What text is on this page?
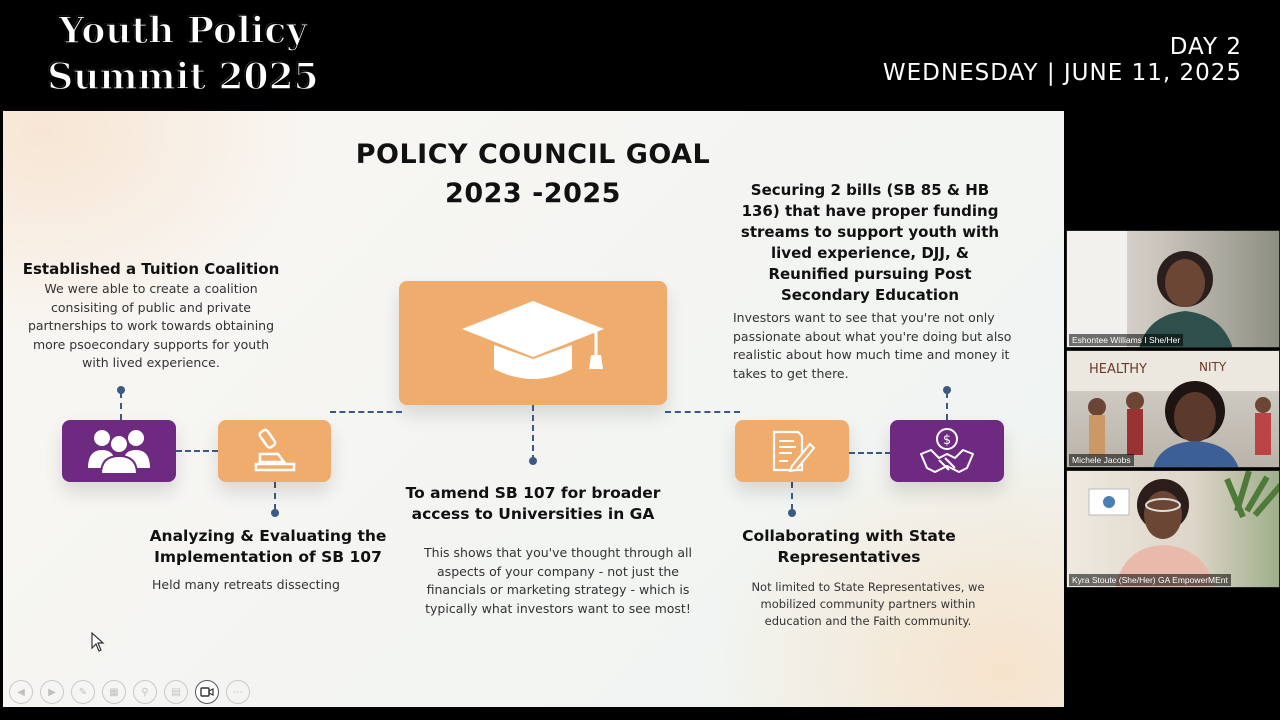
Youth Policy
Summit 2025
DAY 2
WEDNESDAY | JUNE 11, 2025
POLICY COUNCIL GOAL
2023 -2025
$
Established a Tuition Coalition
We were able to create a coalition consisiting of public and private partnerships to work towards obtaining more psoecondary supports for youth with lived experience.
Analyzing & Evaluating the
Implementation of SB 107
Held many retreats dissecting
To amend SB 107 for broader
access to Universities in GA
This shows that you've thought through all aspects of your company - not just the financials or marketing strategy - which is typically what investors want to see most!
Securing 2 bills (SB 85 & HB 136) that have proper funding streams to support youth with lived experience, DJJ, & Reunified pursuing Post Secondary Education
Investors want to see that you're not only passionate about what you're doing but also realistic about how much time and money it takes to get there.
Collaborating with State
Representatives
Not limited to State Representatives, we mobilized community partners within education and the Faith community.
◀	▶	✎	▦	⚲	▤	⋯
Eshontee Williams I She/Her
HEALTHY	NITY
Michele Jacobs
Kyra Stoute (She/Her) GA EmpowerMEnt
